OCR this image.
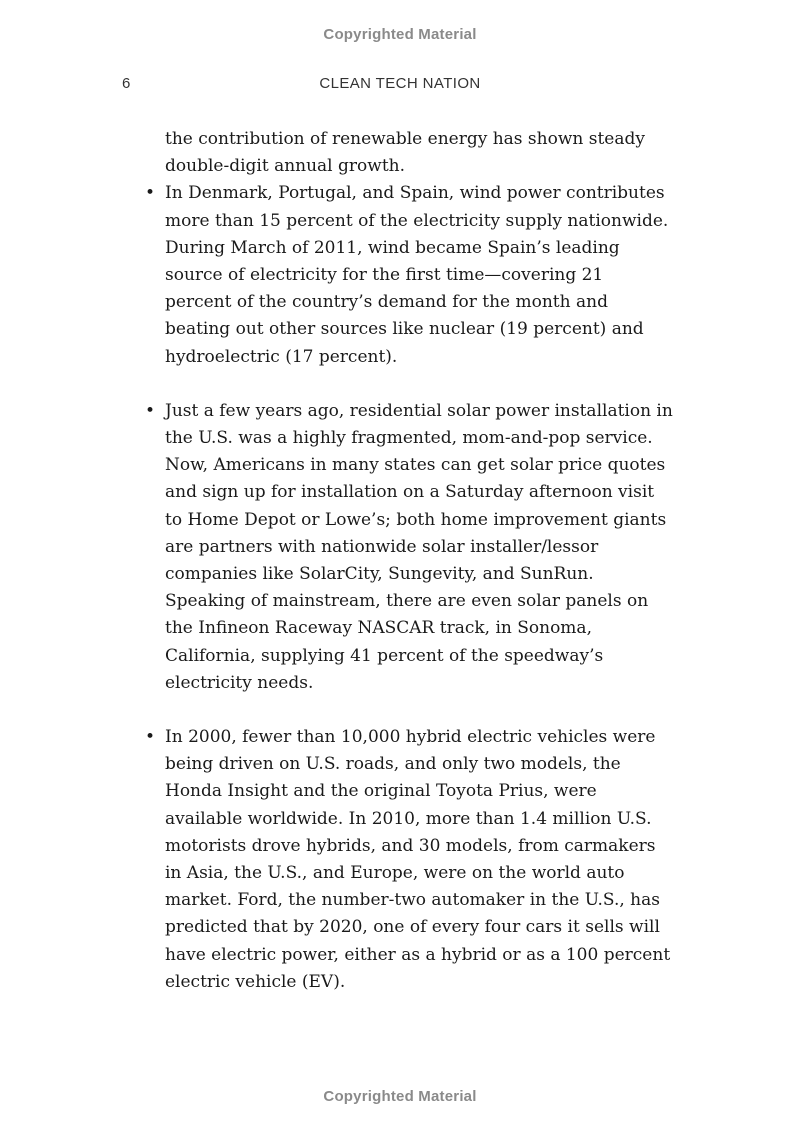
Copyrighted Material
6	CLEAN TECH NATION

the contribution of renewable energy has shown steady double-digit annual growth.

• In Denmark, Portugal, and Spain, wind power contributes more than 15 percent of the electricity supply nationwide. During March of 2011, wind became Spain’s leading source of electricity for the first time—covering 21 percent of the country’s demand for the month and beating out other sources like nuclear (19 percent) and hydroelectric (17 percent).
• Just a few years ago, residential solar power installation in the U.S. was a highly fragmented, mom-and-pop service. Now, Americans in many states can get solar price quotes and sign up for installation on a Saturday afternoon visit to Home Depot or Lowe’s; both home improvement giants are partners with nationwide solar installer/lessor companies like SolarCity, Sungevity, and SunRun. Speaking of mainstream, there are even solar panels on the Infineon Raceway NASCAR track, in Sonoma, California, supplying 41 percent of the speedway’s electricity needs.
• In 2000, fewer than 10,000 hybrid electric vehicles were being driven on U.S. roads, and only two models, the Honda Insight and the original Toyota Prius, were available worldwide. In 2010, more than 1.4 million U.S. motorists drove hybrids, and 30 models, from carmakers in Asia, the U.S., and Europe, were on the world auto market. Ford, the number-two automaker in the U.S., has predicted that by 2020, one of every four cars it sells will have electric power, either as a hybrid or as a 100 percent electric vehicle (EV).
Copyrighted Material
